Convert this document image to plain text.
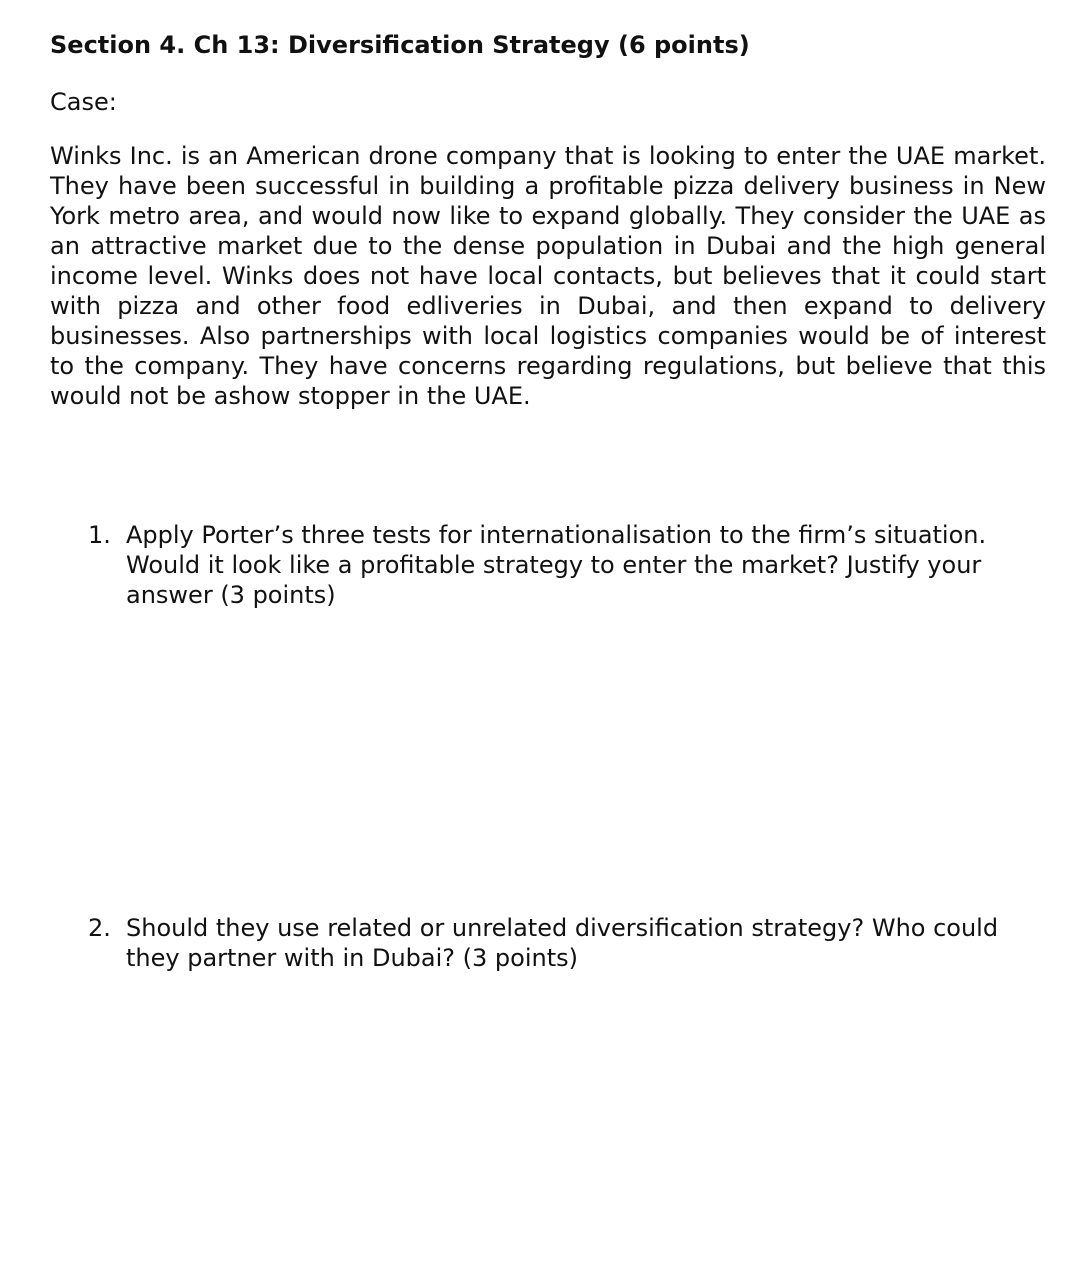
Section 4. Ch 13: Diversification Strategy (6 points)

Case:

Winks Inc. is an American drone company that is looking to enter the UAE market. They have been successful in building a profitable pizza delivery business in New York metro area, and would now like to expand globally. They consider the UAE as an attractive market due to the dense population in Dubai and the high general income level. Winks does not have local contacts, but believes that it could start with pizza and other food edliveries in Dubai, and then expand to delivery businesses. Also partnerships with local logistics companies would be of interest to the company. They have concerns regarding regulations, but believe that this would not be ashow stopper in the UAE.

1. Apply Porter’s three tests for internationalisation to the firm’s situation. Would it look like a profitable strategy to enter the market? Justify your answer (3 points)
2. Should they use related or unrelated diversification strategy? Who could they partner with in Dubai? (3 points)
